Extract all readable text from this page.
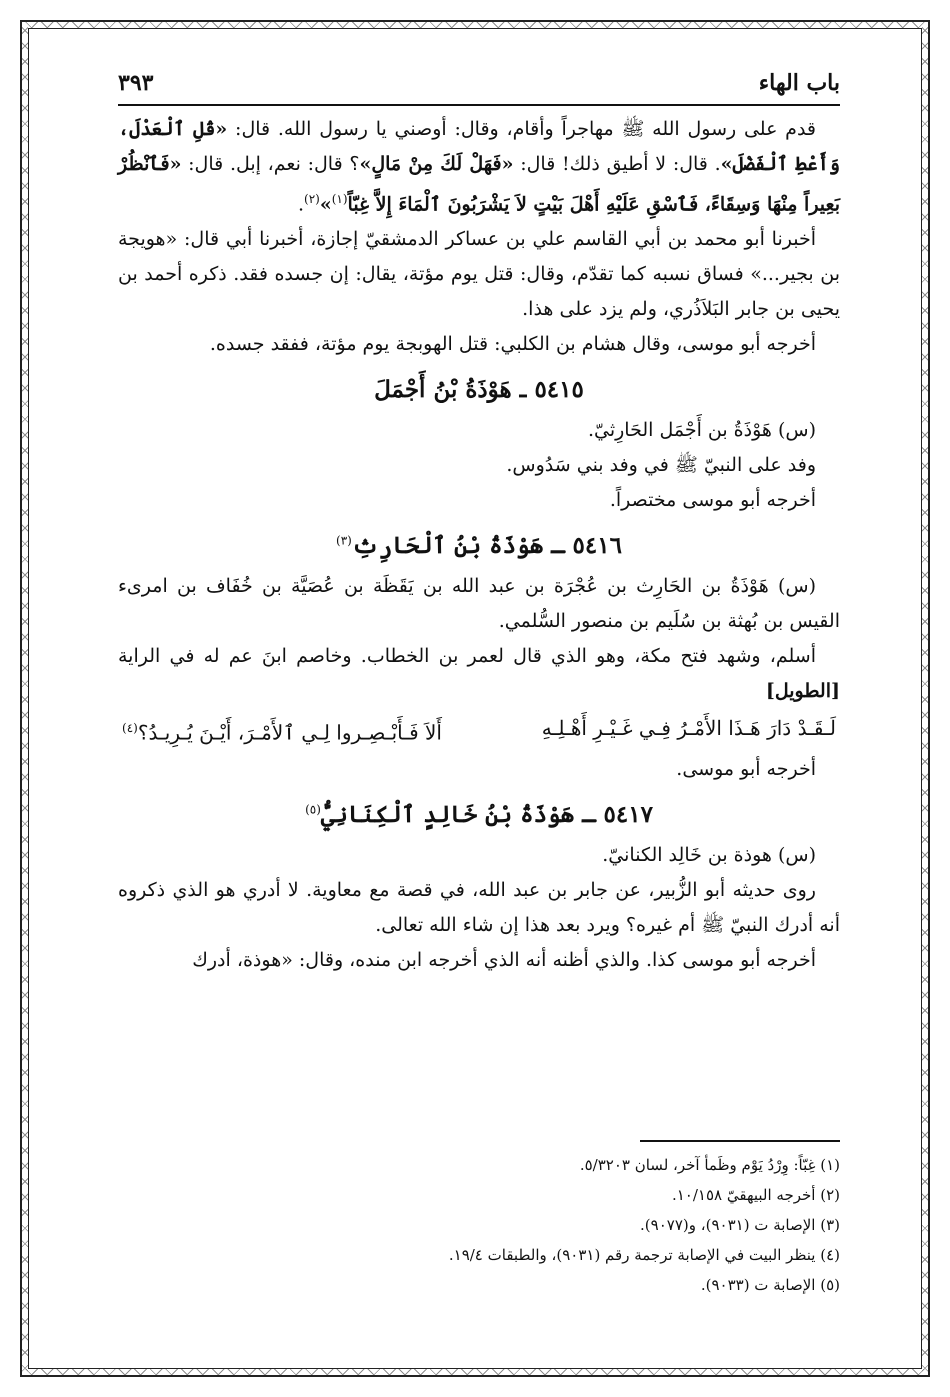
باب الهاء
٣٩٣

قدم على رسول الله ﷺ مهاجراً وأقام، وقال: أوصني يا رسول الله. قال: «قُلِ ٱلْعَدْلَ، وَأَعْطِ ٱلْفَضْلَ». قال: لا أطيق ذلك! قال: «فَهَلْ لَكَ مِنْ مَالٍ»؟ قال: نعم، إبل. قال: «فَٱنْظُرْ بَعِيراً مِنْهَا وَسِقَاءً، فَٱسْقِ عَلَيْهِ أَهْلَ بَيْتٍ لاَ يَشْرَبُونَ ٱلْمَاءَ إِلاَّ غِبّاً$^{(١)}$»$^{(٢)}$.

أخبرنا أبو محمد بن أبي القاسم علي بن عساكر الدمشقيّ إجازة، أخبرنا أبي قال: «هويجة بن بجير...» فساق نسبه كما تقدّم، وقال: قتل يوم مؤتة، يقال: إن جسده فقد. ذكره أحمد بن يحيى بن جابر البَلاَذُري، ولم يزد على هذا.

أخرجه أبو موسى، وقال هشام بن الكلبي: قتل الهوبجة يوم مؤتة، ففقد جسده.

٥٤١٥ ـ هَوْذَةُ بْنُ أَجْمَلَ

(س) هَوْذَةُ بن أَجْمَل الحَارِثيّ.

وفد على النبيّ ﷺ في وفد بني سَدُوس.

أخرجه أبو موسى مختصراً.

٥٤١٦ ـ هَوْذَةُ بْنُ ٱلْحَارِثِ$^{(٣)}$

(س) هَوْذَةُ بن الحَارِث بن عُجْرَة بن عبد الله بن يَقَظَة بن عُصَيَّة بن خُفَاف بن امرىء القيس بن بُهثة بن سُلَيم بن منصور السُّلمي.

أسلم، وشهد فتح مكة، وهو الذي قال لعمر بن الخطاب. وخاصم ابنَ عم له في الراية [الطويل]

لَـقَـدْ دَارَ هَـذَا الأَمْـرُ فِـي غَـيْـرِ أَهْـلِـهِ
أَلاَ فَـأَبْـصِـروا لِـي ٱلأَمْـرَ، أَيْـنَ يُـرِيـدُ؟$^{(٤)}$

أخرجه أبو موسى.

٥٤١٧ ـ هَوْذَةُ بْنُ خَالِدٍ ٱلْكِنَانِيُّ$^{(٥)}$

(س) هوذة بن خَالِد الكنانيّ.

روى حديثه أبو الزُّبير، عن جابر بن عبد الله، في قصة مع معاوية. لا أدري هو الذي ذكروه أنه أدرك النبيّ ﷺ أم غيره؟ ويرد بعد هذا إن شاء الله تعالى.

أخرجه أبو موسى كذا. والذي أظنه أنه الذي أخرجه ابن منده، وقال: «هوذة، أدرك

(١) غِبّاً: وِرْدُ يَوْم وظَمأ آخر، لسان ٥/٣٢٠٣.

(٢) أخرجه البيهقيّ ١٠/١٥٨.

(٣) الإصابة ت (٩٠٣١)، و(٩٠٧٧).

(٤) ينظر البيت في الإصابة ترجمة رقم (٩٠٣١)، والطبقات ١٩/٤.

(٥) الإصابة ت (٩٠٣٣).
